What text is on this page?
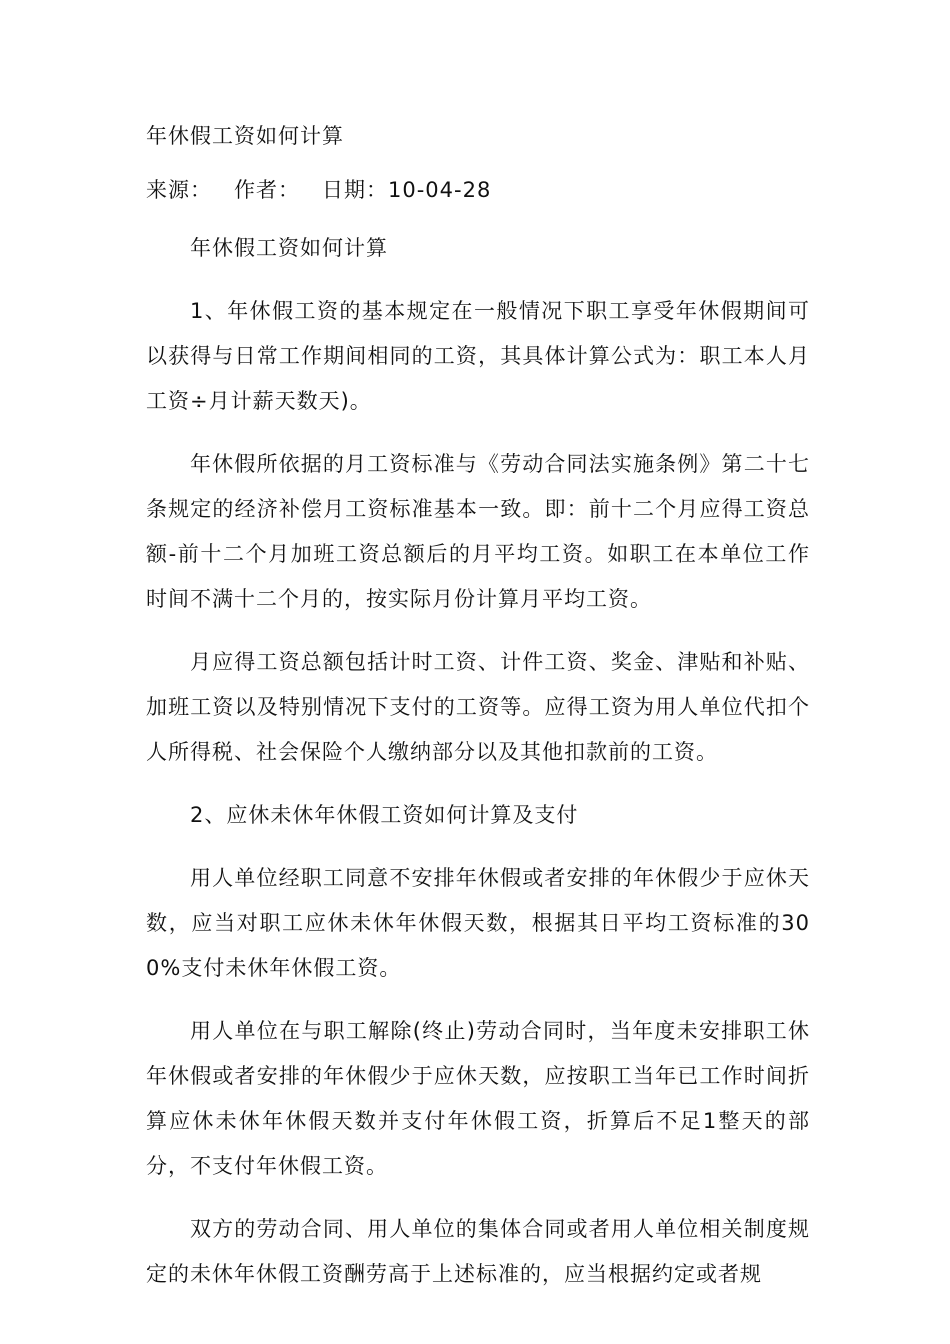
年休假工资如何计算
来源： 作者： 日期：10-04-28

年休假工资如何计算

1、年休假工资的基本规定在一般情况下职工享受年休假期间可以获得与日常工作期间相同的工资，其具体计算公式为：职工本人月工资÷月计薪天数天)。

年休假所依据的月工资标准与《劳动合同法实施条例》第二十七条规定的经济补偿月工资标准基本一致。即：前十二个月应得工资总额-前十二个月加班工资总额后的月平均工资。如职工在本单位工作时间不满十二个月的，按实际月份计算月平均工资。

月应得工资总额包括计时工资、计件工资、奖金、津贴和补贴、加班工资以及特别情况下支付的工资等。应得工资为用人单位代扣个人所得税、社会保险个人缴纳部分以及其他扣款前的工资。

2、应休未休年休假工资如何计算及支付

用人单位经职工同意不安排年休假或者安排的年休假少于应休天数，应当对职工应休未休年休假天数，根据其日平均工资标准的300%支付未休年休假工资。

用人单位在与职工解除(终止)劳动合同时，当年度未安排职工休年休假或者安排的年休假少于应休天数，应按职工当年已工作时间折算应休未休年休假天数并支付年休假工资，折算后不足1整天的部分，不支付年休假工资。

双方的劳动合同、用人单位的集体合同或者用人单位相关制度规定的未休年休假工资酬劳高于上述标准的，应当根据约定或者规
